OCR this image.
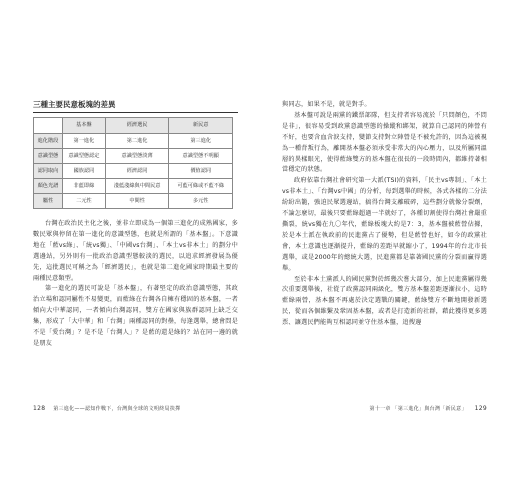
三種主要民意板塊的差異
	基本盤	經濟選民	新民意
進化階段	第一進化	第二進化	第三進化
意識型態	意識型態認定	意識型態淡薄	意識型態不明顯
認同取向	國族認同	經濟認同	價值認同
顏色光譜	非藍即綠	淺藍淺綠與中間民意	可藍可綠或不藍不綠
屬性	二元性	中間性	多元性

台灣在政治民主化之後，並非立即成為一個第三進化的成熟國家，多數民眾與停留在第一進化的意識型態，也就是所謂的「基本盤」。下意識地在「藍vs綠」、「統vs獨」、「中國vs台灣」、「本土vs非本土」的劃分中選邊站，另外則有一批政治意識型態較淡的選民，以追求經濟發展為優先，這批選民可稱之為「經濟選民」，也就是第二進化國家時期最主要的兩種民意類型。

第一進化的選民可說是「基本盤」，有著堅定的政治意識型態，其政治立場和認同屬性不易變更，而藍綠在台灣各自擁有穩固的基本盤，一者傾向大中華認同，一者傾向台灣認同，雙方在國家與族群認同上缺乏交集，形成了「大中華」和「台灣」兩種認同的對壘，每逢選舉，總會問是不是「愛台灣」？是不是「台灣人」？是藍的還是綠的？站在同一邊的就是朋友

與同志，如果不是，就是對手。

基本盤可說是兩黨的鐵票部隊，但支持者容易流於「只問顏色，不問是非」，很容易受到政黨意識型態的操縱和綁架，就算自己認同的陣營有不好，也要含血含淚支持，變節支持對立陣營是不被允許的，因為這被視為一種背叛行為，離開基本盤必須承受非常大的內心壓力，以及所屬同溫層的異樣眼光，使得藍綠雙方的基本盤在很長的一段時間內，都維持著相當穩定的狀態。

政府依靠台灣社會研究第一大派(TSI)的資料，「民主vs專制」、「本土vs非本土」、「台灣vs中國」的分析，每到選舉的時候，各式各樣的二分法紛紛出籠，強迫民眾選邊站，搞得台灣支離破碎，這些劃分就像分裂劑，不論怎麼切，最後只要藍綠超過一半就好了，各種切割使得台灣社會嚴重撕裂，統vs獨在九〇年代，藍綠板塊大約是7：3，基本盤被藍營佔據，於是本土派在執政前的民進黨占了優勢，但是藍營也好，如今的政黨社會，本土意識也逐漸提升，藍綠的差距早就縮小了，1994年的台北市長選舉，或是2000年的總統大選，民進黨都是靠著國民黨的分裂而贏得選舉。

至於非本土黨派人的國民黨對於經幾次嘗大部分，加上民進黨屬得幾次重要選舉後，社從了政黨認同兩級化，雙方基本盤差距逐漸拉小，這時藍綠兩營，基本盤不再處於決定選戰的關鍵，藍綠雙方不斷地開發新選民，從而各個維繫及鞏固基本盤，或者是打造新的社群，藉此獲得更多選票、讓選民們能夠互相認同並守住基本盤，追搜邊

128 第三進化——認知作戰下，台灣與全球的文明終局抉擇	第十一章 「第三進化」與台灣「新民意」 129
